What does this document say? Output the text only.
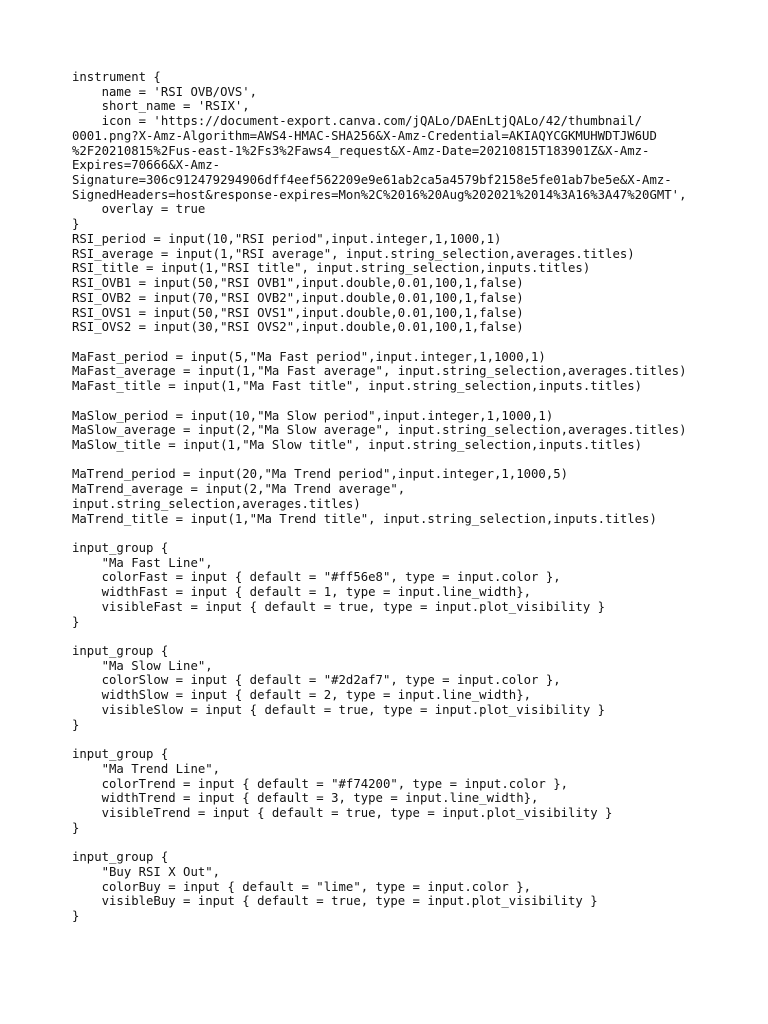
instrument {
name = 'RSI OVB/OVS',
short_name = 'RSIX',
icon = 'https://document-export.canva.com/jQALo/DAEnLtjQALo/42/thumbnail/
0001.png?X-Amz-Algorithm=AWS4-HMAC-SHA256&X-Amz-Credential=AKIAQYCGKMUHWDTJW6UD
%2F20210815%2Fus-east-1%2Fs3%2Faws4_request&X-Amz-Date=20210815T183901Z&X-Amz-
Expires=70666&X-Amz-
Signature=306c912479294906dff4eef562209e9e61ab2ca5a4579bf2158e5fe01ab7be5e&X-Amz-
SignedHeaders=host&response-expires=Mon%2C%2016%20Aug%202021%2014%3A16%3A47%20GMT',
overlay = true
}
RSI_period = input(10,"RSI period",input.integer,1,1000,1)
RSI_average = input(1,"RSI average", input.string_selection,averages.titles)
RSI_title = input(1,"RSI title", input.string_selection,inputs.titles)
RSI_OVB1 = input(50,"RSI OVB1",input.double,0.01,100,1,false)
RSI_OVB2 = input(70,"RSI OVB2",input.double,0.01,100,1,false)
RSI_OVS1 = input(50,"RSI OVS1",input.double,0.01,100,1,false)
RSI_OVS2 = input(30,"RSI OVS2",input.double,0.01,100,1,false)
MaFast_period = input(5,"Ma Fast period",input.integer,1,1000,1)
MaFast_average = input(1,"Ma Fast average", input.string_selection,averages.titles)
MaFast_title = input(1,"Ma Fast title", input.string_selection,inputs.titles)
MaSlow_period = input(10,"Ma Slow period",input.integer,1,1000,1)
MaSlow_average = input(2,"Ma Slow average", input.string_selection,averages.titles)
MaSlow_title = input(1,"Ma Slow title", input.string_selection,inputs.titles)
MaTrend_period = input(20,"Ma Trend period",input.integer,1,1000,5)
MaTrend_average = input(2,"Ma Trend average",
input.string_selection,averages.titles)
MaTrend_title = input(1,"Ma Trend title", input.string_selection,inputs.titles)
input_group {
"Ma Fast Line",
colorFast = input { default = "#ff56e8", type = input.color },
widthFast = input { default = 1, type = input.line_width},
visibleFast = input { default = true, type = input.plot_visibility }
}
input_group {
"Ma Slow Line",
colorSlow = input { default = "#2d2af7", type = input.color },
widthSlow = input { default = 2, type = input.line_width},
visibleSlow = input { default = true, type = input.plot_visibility }
}
input_group {
"Ma Trend Line",
colorTrend = input { default = "#f74200", type = input.color },
widthTrend = input { default = 3, type = input.line_width},
visibleTrend = input { default = true, type = input.plot_visibility }
}
input_group {
"Buy RSI X Out",
colorBuy = input { default = "lime", type = input.color },
visibleBuy = input { default = true, type = input.plot_visibility }
}
